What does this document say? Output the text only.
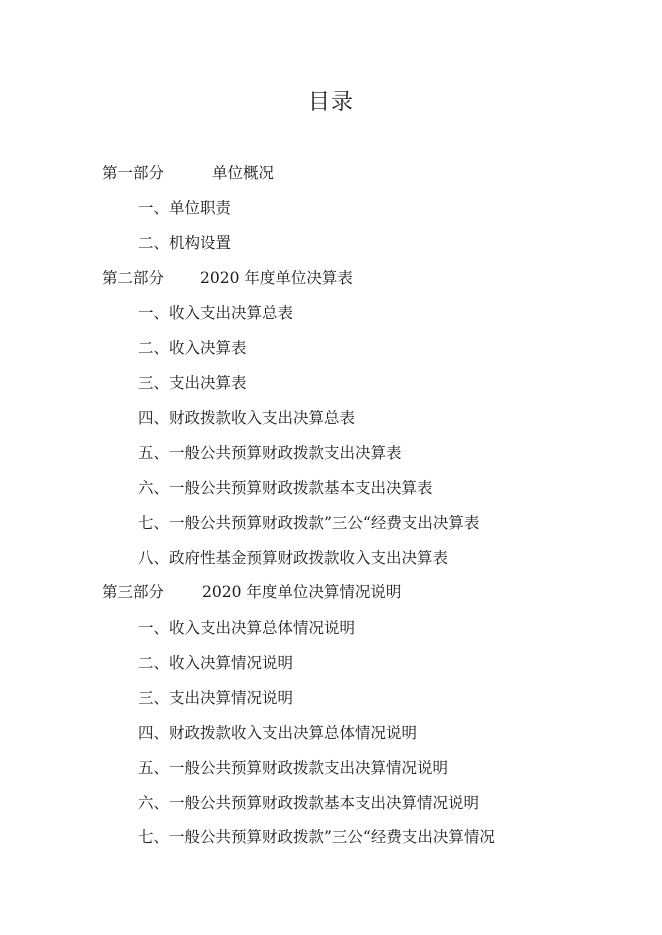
目录
第一部分	单位概况
一、单位职责
二、机构设置
第二部分 2020 年度单位决算表
一、收入支出决算总表
二、收入决算表
三、支出决算表
四、财政拨款收入支出决算总表
五、一般公共预算财政拨款支出决算表
六、一般公共预算财政拨款基本支出决算表
七、一般公共预算财政拨款”三公“经费支出决算表
八、政府性基金预算财政拨款收入支出决算表
第三部分 2020 年度单位决算情况说明
一、收入支出决算总体情况说明
二、收入决算情况说明
三、支出决算情况说明
四、财政拨款收入支出决算总体情况说明
五、一般公共预算财政拨款支出决算情况说明
六、一般公共预算财政拨款基本支出决算情况说明
七、一般公共预算财政拨款”三公“经费支出决算情况
